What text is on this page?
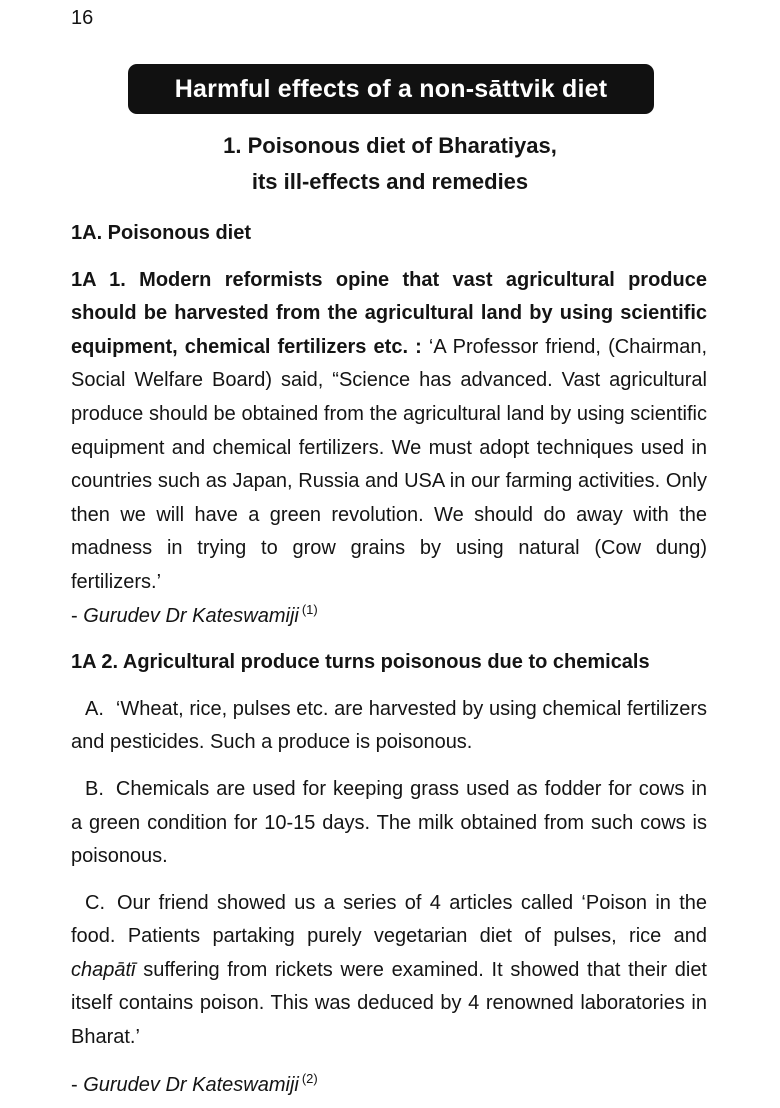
16
Harmful effects of a non-sāttvik diet
1. Poisonous diet of Bharatiyas,
its ill-effects and remedies

1A. Poisonous diet

1A 1. Modern reformists opine that vast agricultural produce should be harvested from the agricultural land by using scientific equipment, chemical fertilizers etc. : ‘A Professor friend, (Chairman, Social Welfare Board) said, “Science has advanced. Vast agricultural produce should be obtained from the agricultural land by using scientific equipment and chemical fertilizers. We must adopt techniques used in countries such as Japan, Russia and USA in our farming activities. Only then we will have a green revolution. We should do away with the madness in trying to grow grains by using natural (Cow dung) fertilizers.’

- Gurudev Dr Kateswamiji $^{(1)}$

1A 2. Agricultural produce turns poisonous due to chemicals

A. ‘Wheat, rice, pulses etc. are harvested by using chemical fertilizers and pesticides. Such a produce is poisonous.

B. Chemicals are used for keeping grass used as fodder for cows in a green condition for 10-15 days. The milk obtained from such cows is poisonous.

C. Our friend showed us a series of 4 articles called ‘Poison in the food. Patients partaking purely vegetarian diet of pulses, rice and chapātī suffering from rickets were examined. It showed that their diet itself contains poison. This was deduced by 4 renowned laboratories in Bharat.’

- Gurudev Dr Kateswamiji $^{(2)}$
